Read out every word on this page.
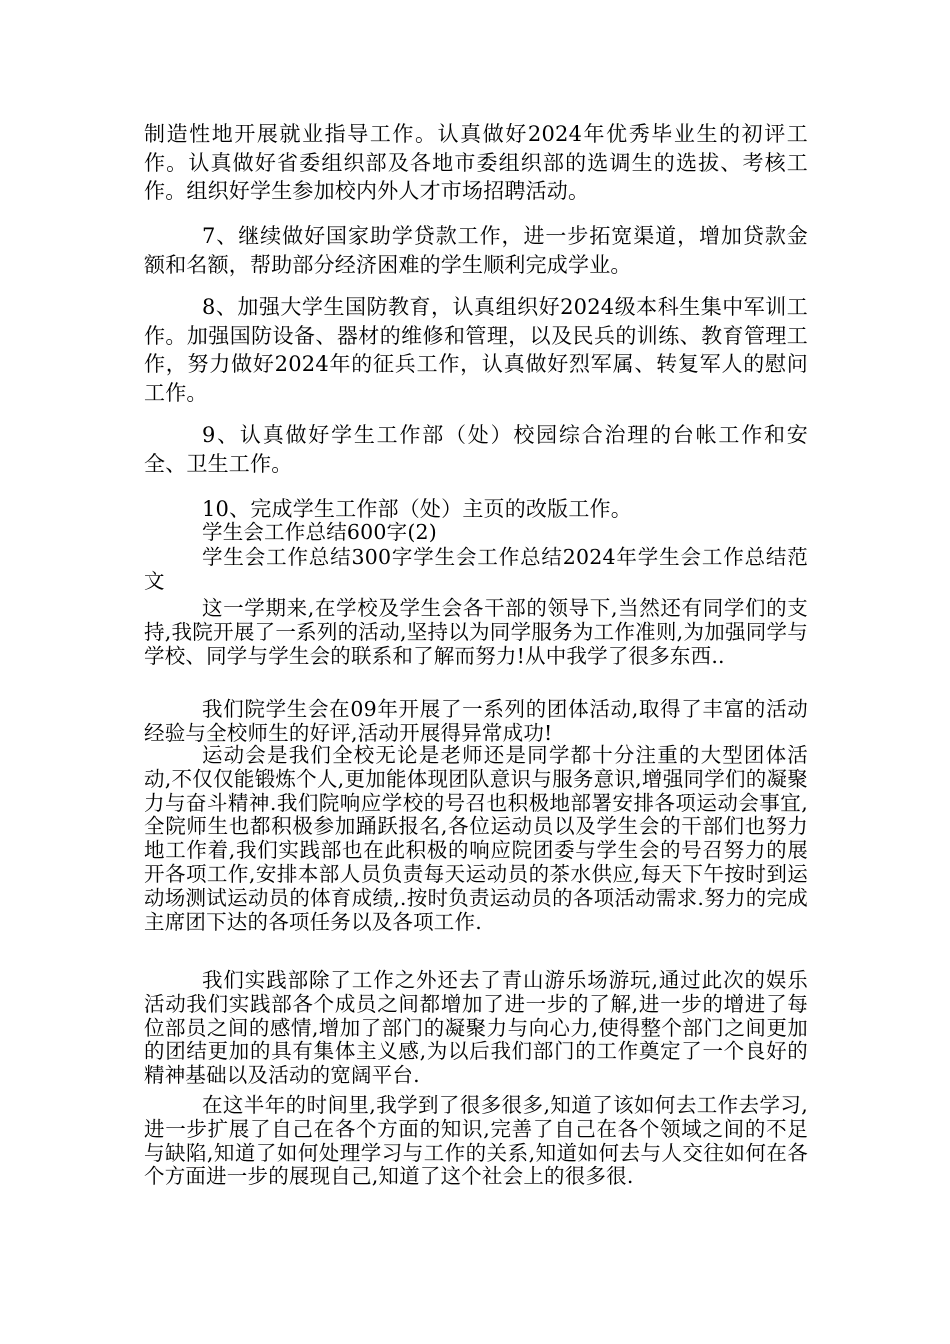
制造性地开展就业指导工作。认真做好2024年优秀毕业生的初评工作。认真做好省委组织部及各地市委组织部的选调生的选拔、考核工作。组织好学生参加校内外人才市场招聘活动。

7、继续做好国家助学贷款工作，进一步拓宽渠道，增加贷款金额和名额，帮助部分经济困难的学生顺利完成学业。

8、加强大学生国防教育，认真组织好2024级本科生集中军训工作。加强国防设备、器材的维修和管理，以及民兵的训练、教育管理工作，努力做好2024年的征兵工作，认真做好烈军属、转复军人的慰问工作。

9、认真做好学生工作部（处）校园综合治理的台帐工作和安全、卫生工作。

10、完成学生工作部（处）主页的改版工作。

学生会工作总结600字(2)

学生会工作总结300字学生会工作总结2024年学生会工作总结范文

这一学期来,在学校及学生会各干部的领导下,当然还有同学们的支持,我院开展了一系列的活动,坚持以为同学服务为工作准则,为加强同学与学校、同学与学生会的联系和了解而努力!从中我学了很多东西..

我们院学生会在09年开展了一系列的团体活动,取得了丰富的活动经验与全校师生的好评,活动开展得异常成功!

运动会是我们全校无论是老师还是同学都十分注重的大型团体活动,不仅仅能锻炼个人,更加能体现团队意识与服务意识,增强同学们的凝聚力与奋斗精神.我们院响应学校的号召也积极地部署安排各项运动会事宜,全院师生也都积极参加踊跃报名,各位运动员以及学生会的干部们也努力地工作着,我们实践部也在此积极的响应院团委与学生会的号召努力的展开各项工作,安排本部人员负责每天运动员的茶水供应,每天下午按时到运动场测试运动员的体育成绩,.按时负责运动员的各项活动需求.努力的完成主席团下达的各项任务以及各项工作.

我们实践部除了工作之外还去了青山游乐场游玩,通过此次的娱乐活动我们实践部各个成员之间都增加了进一步的了解,进一步的增进了每位部员之间的感情,增加了部门的凝聚力与向心力,使得整个部门之间更加的团结更加的具有集体主义感,为以后我们部门的工作奠定了一个良好的精神基础以及活动的宽阔平台.

在这半年的时间里,我学到了很多很多,知道了该如何去工作去学习,进一步扩展了自己在各个方面的知识,完善了自己在各个领域之间的不足与缺陷,知道了如何处理学习与工作的关系,知道如何去与人交往如何在各个方面进一步的展现自己,知道了这个社会上的很多很.
